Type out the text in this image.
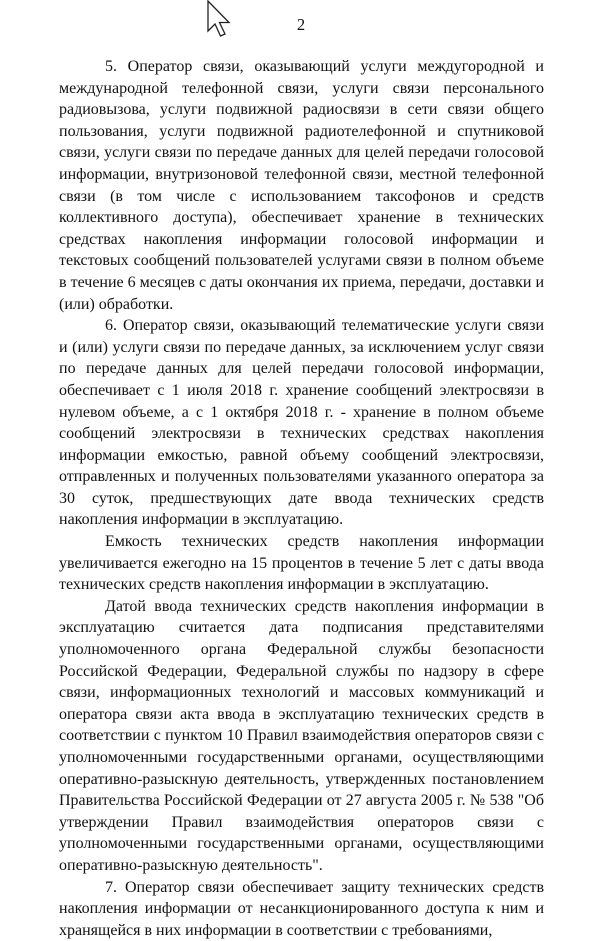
2

5. Оператор связи, оказывающий услуги междугородной и международной телефонной связи, услуги связи персонального радиовызова, услуги подвижной радиосвязи в сети связи общего пользования, услуги подвижной радиотелефонной и спутниковой связи, услуги связи по передаче данных для целей передачи голосовой информации, внутризоновой телефонной связи, местной телефонной связи (в том числе с использованием таксофонов и средств коллективного доступа), обеспечивает хранение в технических средствах накопления информации голосовой информации и текстовых сообщений пользователей услугами связи в полном объеме в течение 6 месяцев с даты окончания их приема, передачи, доставки и (или) обработки.

6. Оператор связи, оказывающий телематические услуги связи и (или) услуги связи по передаче данных, за исключением услуг связи по передаче данных для целей передачи голосовой информации, обеспечивает с 1 июля 2018 г. хранение сообщений электросвязи в нулевом объеме, а с 1 октября 2018 г. - хранение в полном объеме сообщений электросвязи в технических средствах накопления информации емкостью, равной объему сообщений электросвязи, отправленных и полученных пользователями указанного оператора за 30 суток, предшествующих дате ввода технических средств накопления информации в эксплуатацию.

Емкость технических средств накопления информации увеличивается ежегодно на 15 процентов в течение 5 лет с даты ввода технических средств накопления информации в эксплуатацию.

Датой ввода технических средств накопления информации в эксплуатацию считается дата подписания представителями уполномоченного органа Федеральной службы безопасности Российской Федерации, Федеральной службы по надзору в сфере связи, информационных технологий и массовых коммуникаций и оператора связи акта ввода в эксплуатацию технических средств в соответствии с пунктом 10 Правил взаимодействия операторов связи с уполномоченными государственными органами, осуществляющими оперативно-разыскную деятельность, утвержденных постановлением Правительства Российской Федерации от 27 августа 2005 г. № 538 "Об утверждении Правил взаимодействия операторов связи с уполномоченными государственными органами, осуществляющими оперативно-разыскную деятельность".

7. Оператор связи обеспечивает защиту технических средств накопления информации от несанкционированного доступа к ним и хранящейся в них информации в соответствии с требованиями,
